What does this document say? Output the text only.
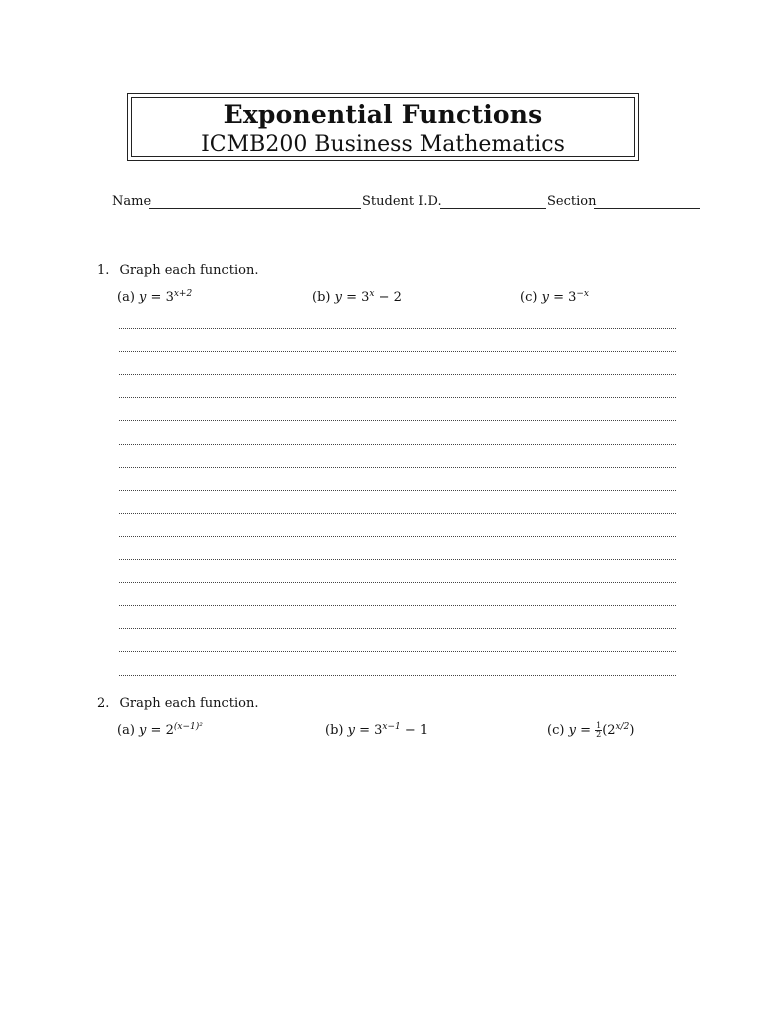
Exponential Functions
ICMB200 Business Mathematics
Name	Student I.D.	Section
1. Graph each function.
(a) $y = 3^{x+2}$	(b) $y = 3^x - 2$	(c) $y = 3^{-x}$
2. Graph each function.
(a) $y = 2^{(x-1)^2}$	(b) $y = 3^{x-1} - 1$	(c) $y = \frac{1}{2} (2^{x/2})$
